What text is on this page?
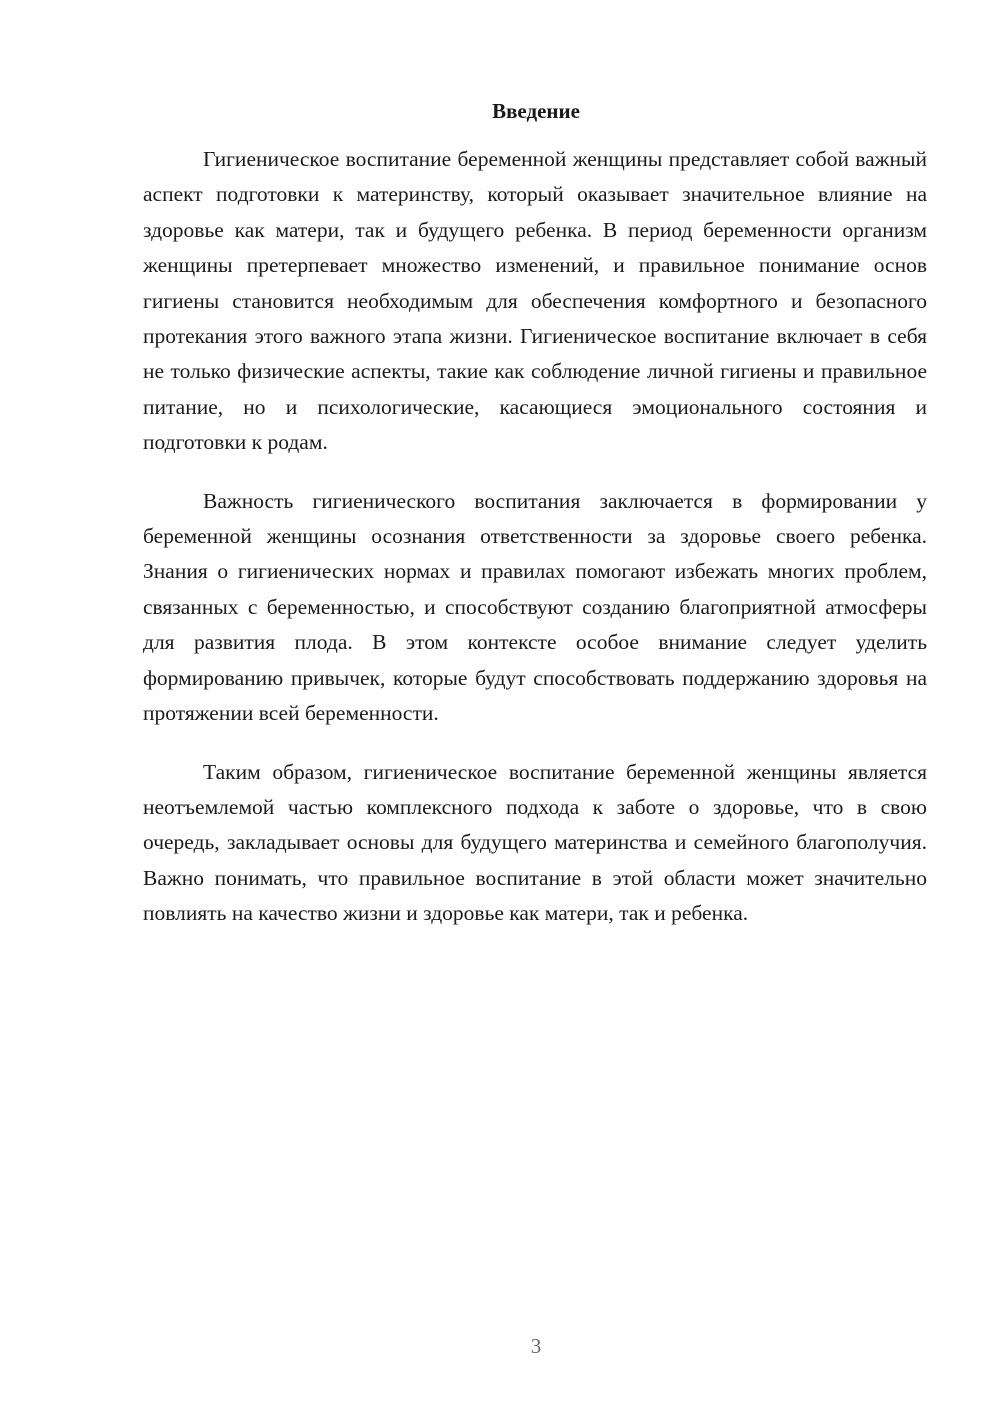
Введение

Гигиеническое воспитание беременной женщины представляет собой важный аспект подготовки к материнству, который оказывает значительное влияние на здоровье как матери, так и будущего ребенка. В период беременности организм женщины претерпевает множество изменений, и правильное понимание основ гигиены становится необходимым для обеспечения комфортного и безопасного протекания этого важного этапа жизни. Гигиеническое воспитание включает в себя не только физические аспекты, такие как соблюдение личной гигиены и правильное питание, но и психологические, касающиеся эмоционального состояния и подготовки к родам.

Важность гигиенического воспитания заключается в формировании у беременной женщины осознания ответственности за здоровье своего ребенка. Знания о гигиенических нормах и правилах помогают избежать многих проблем, связанных с беременностью, и способствуют созданию благоприятной атмосферы для развития плода. В этом контексте особое внимание следует уделить формированию привычек, которые будут способствовать поддержанию здоровья на протяжении всей беременности.

Таким образом, гигиеническое воспитание беременной женщины является неотъемлемой частью комплексного подхода к заботе о здоровье, что в свою очередь, закладывает основы для будущего материнства и семейного благополучия. Важно понимать, что правильное воспитание в этой области может значительно повлиять на качество жизни и здоровье как матери, так и ребенка.

3
